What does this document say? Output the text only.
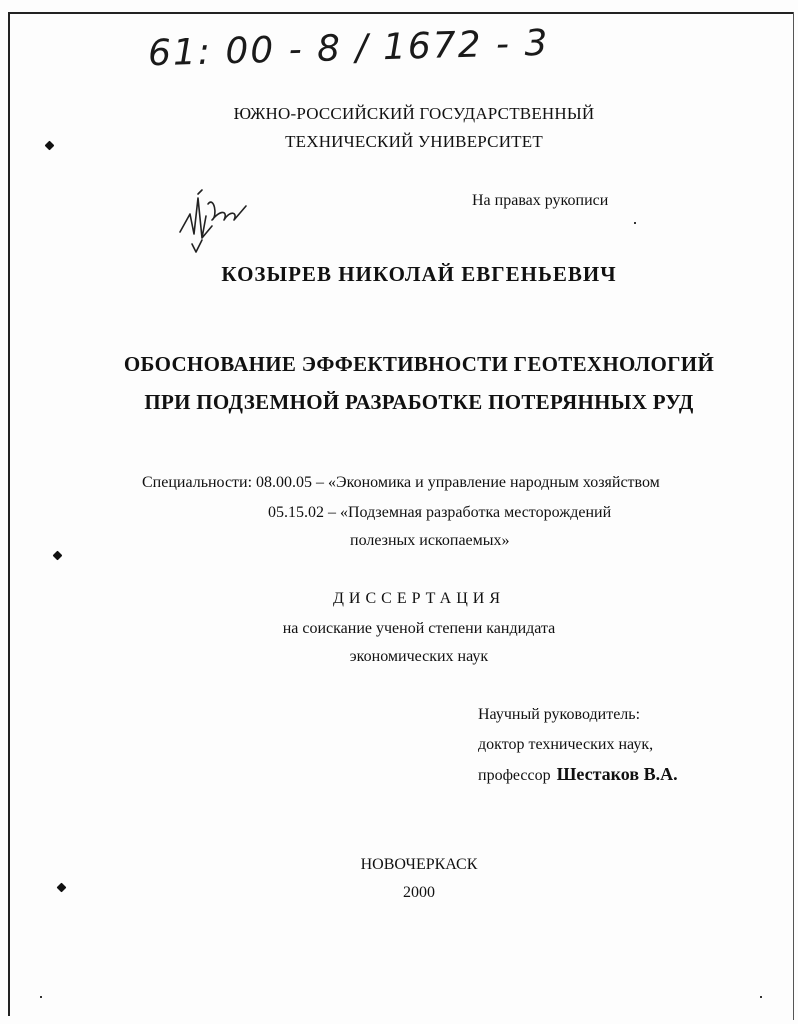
61: 00 - 8 / 1672 - 3
ЮЖНО-РОССИЙСКИЙ ГОСУДАРСТВЕННЫЙ
ТЕХНИЧЕСКИЙ УНИВЕРСИТЕТ
На правах рукописи
КОЗЫРЕВ НИКОЛАЙ ЕВГЕНЬЕВИЧ
ОБОСНОВАНИЕ ЭФФЕКТИВНОСТИ ГЕОТЕХНОЛОГИЙ
ПРИ ПОДЗЕМНОЙ РАЗРАБОТКЕ ПОТЕРЯННЫХ РУД
Специальности: 08.00.05 – «Экономика и управление народным хозяйством
05.15.02 – «Подземная разработка месторождений
полезных ископаемых»
ДИССЕРТАЦИЯ
на соискание ученой степени кандидата
экономических наук
Научный руководитель:
доктор технических наук,
профессор Шестаков В.А.
НОВОЧЕРКАСК
2000
